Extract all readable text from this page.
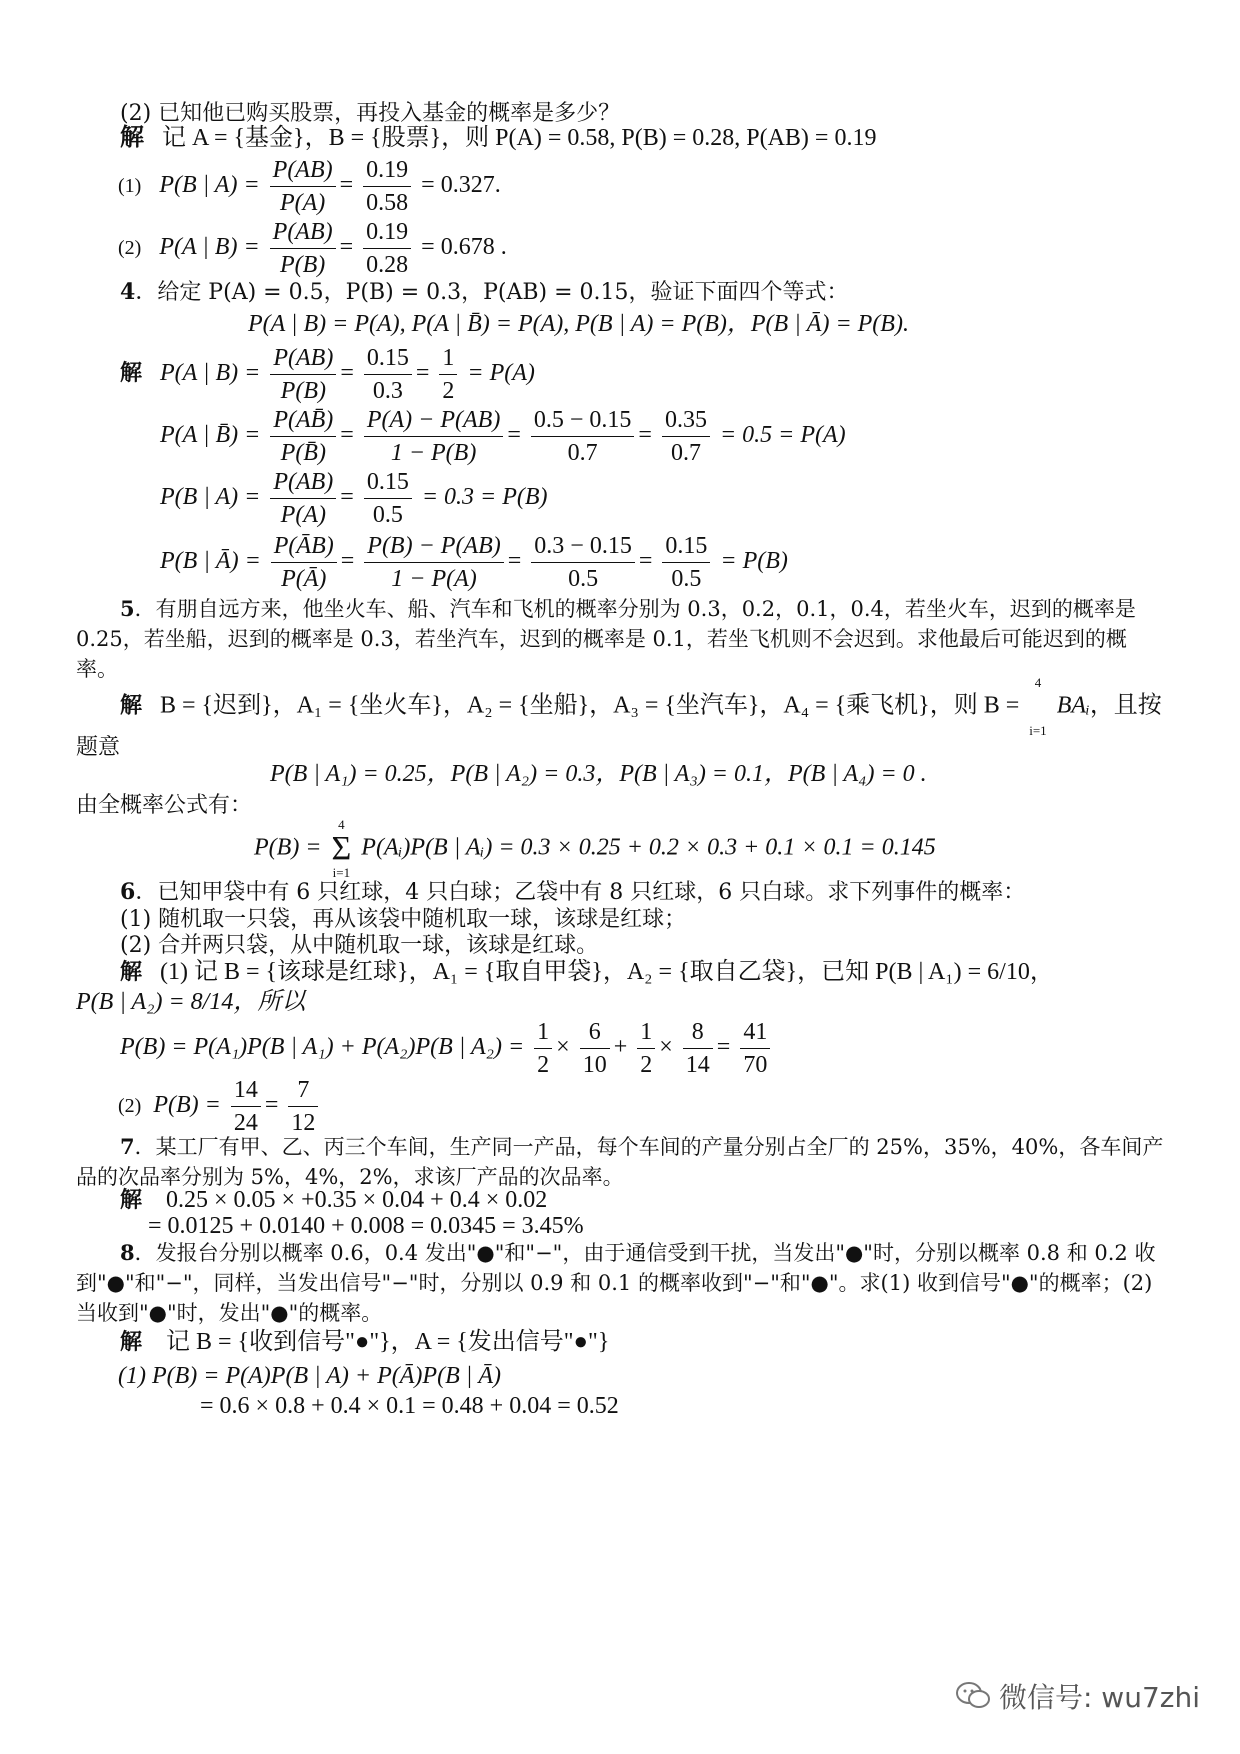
(2) 已知他已购买股票，再投入基金的概率是多少？
解 记 A = {基金}，B = {股票}，则 P(A) = 0.58, P(B) = 0.28, P(AB) = 0.19
(1) P(B | $A) = \frac{P(AB)}{P(A)} = \frac{0.19}{0.58} = 0.327$.
(2) P(A | $B) = \frac{P(AB)}{P(B)} = \frac{0.19}{0.28} = 0.678$ .
4．给定 P(A) = 0.5，P(B) = 0.3，P(AB) = 0.15，验证下面四个等式：
P(A | B) = P(A), P(A | B̄) = P(A), P(B | A) = P(B)，P(B | Ā) = P(B).
解 P(A | $B) = \frac{P(AB)}{P(B)} = \frac{0.15}{0.3} = \frac{1}{2} = P(A)$
P(A | B̄) = $\frac{P(AB̄)}{P(B̄)} = \frac{P(A) - P(AB)}{1 - P(B)} = \frac{0.5 - 0.15}{0.7} = \frac{0.35}{0.7} = 0.5 = P(A)$
P(B | $A) = \frac{P(AB)}{P(A)} = \frac{0.15}{0.5} = 0.3 = P(B)$
P(B | Ā) = $\frac{P(ĀB)}{P(Ā)} = \frac{P(B) - P(AB)}{1 - P(A)} = \frac{0.3 - 0.15}{0.5} = \frac{0.15}{0.5} = P(B)$
5．有朋自远方来，他坐火车、船、汽车和飞机的概率分别为 0.3，0.2，0.1，0.4，若坐火车，迟到的概率是 0.25，若坐船，迟到的概率是 0.3，若坐汽车，迟到的概率是 0.1，若坐飞机则不会迟到。求他最后可能迟到的概率。
解 B = {迟到}，A₁ = {坐火车}，A₂ = {坐船}，A₃ = {坐汽车}，A₄ = {乘飞机}，则 B =
4

i=1
BAᵢ，且按
题意
P(B | A₁) = 0.25，P(B | A₂) = 0.3，P(B | A₃) = 0.1，P(B | A₄) = 0 .
由全概率公式有：
P(B) =
4
Σ
i=1
P(Aᵢ)P(B | Aᵢ) = 0.3 × 0.25 + 0.2 × 0.3 + 0.1 × 0.1 = 0.145
6．已知甲袋中有 6 只红球，4 只白球；乙袋中有 8 只红球，6 只白球。求下列事件的概率：
(1) 随机取一只袋，再从该袋中随机取一球，该球是红球；
(2) 合并两只袋，从中随机取一球，该球是红球。
解 (1) 记 B = {该球是红球}，A₁ = {取自甲袋}，A₂ = {取自乙袋}，已知 P(B | A₁) = 6/10，
P(B | A₂) = 8/14，所以
P(B) = P(A₁)P(B | A₁) + P(A₂)P(B | $A_2) = \frac{1}{2} \times \frac{6}{10} + \frac{1}{2} \times \frac{8}{14} = \frac{41}{70}$
(2) $P(B) = \frac{14}{24} = \frac{7}{12}$
7．某工厂有甲、乙、丙三个车间，生产同一产品，每个车间的产量分别占全厂的 25%，35%，40%，各车间产品的次品率分别为 5%，4%，2%，求该厂产品的次品率。
解 0.25 × 0.05 × +0.35 × 0.04 + 0.4 × 0.02
= 0.0125 + 0.0140 + 0.008 = 0.0345 = 3.45%
8．发报台分别以概率 0.6，0.4 发出"●"和"−"，由于通信受到干扰，当发出"●"时，分别以概率 0.8 和 0.2 收到"●"和"−"，同样，当发出信号"−"时，分别以 0.9 和 0.1 的概率收到"−"和"●"。求(1) 收到信号"●"的概率；(2) 当收到"●"时，发出"●"的概率。
解 记 B = {收到信号"●"}，A = {发出信号"●"}
(1) P(B) = P(A)P(B | A) + P(Ā)P(B | Ā)
= 0.6 × 0.8 + 0.4 × 0.1 = 0.48 + 0.04 = 0.52
微信号: wu7zhi
